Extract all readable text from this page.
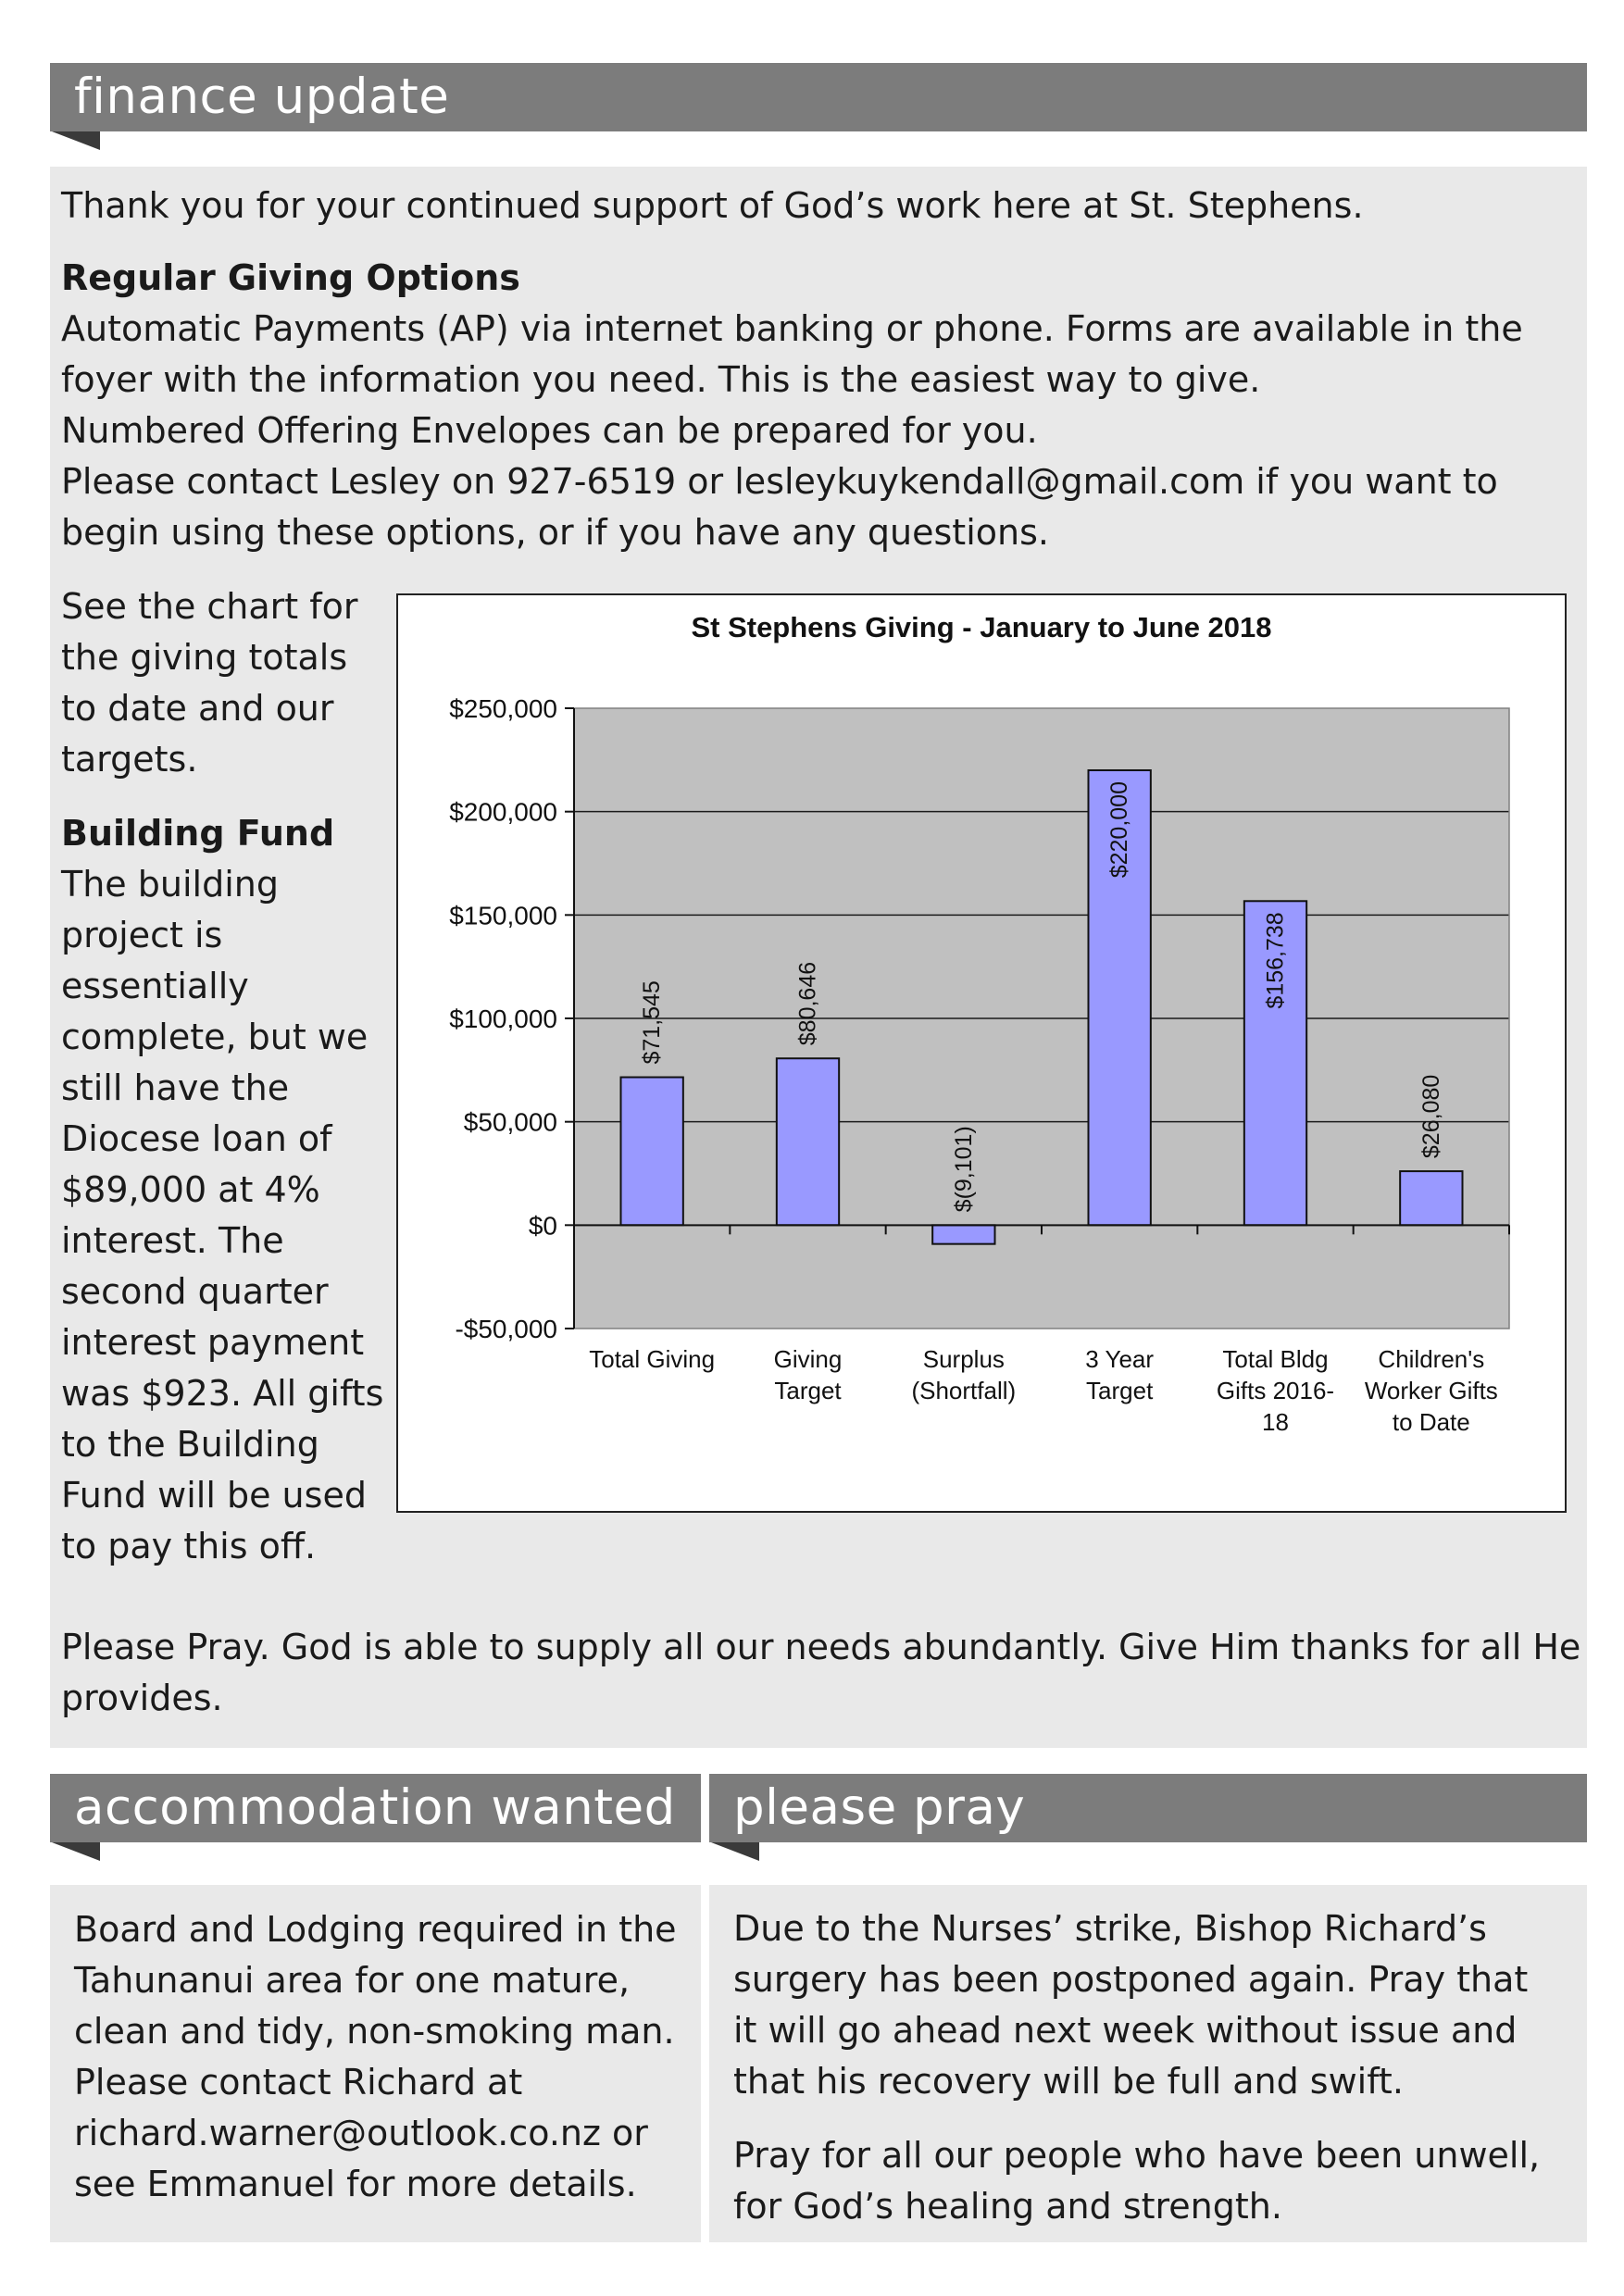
finance update

Thank you for your continued support of God’s work here at St. Stephens.

Regular Giving Options

Automatic Payments (AP) via internet banking or phone. Forms are available in the
foyer with the information you need. This is the easiest way to give.
Numbered Offering Envelopes can be prepared for you.
Please contact Lesley on 927-6519 or lesleykuykendall@gmail.com if you want to
begin using these options, or if you have any questions.
See the chart for
the giving totals
to date and our
targets.

Building Fund

The building
project is
essentially
complete, but we
still have the
Diocese loan of
$89,000 at 4%
interest. The
second quarter
interest payment
was $923. All gifts
to the Building
Fund will be used
to pay this off.
$250,000
$200,000
$150,000
$100,000
$50,000
$0
-$50,000
Total Giving Giving
Target
Surplus
(Shortfall)
3 Year
Target
Total Bldg
Gifts 2016-
18
Children's
Worker Gifts
to Date
$71,545	$80,646
$(9,101)
$220,000
$156,738
$26,080
St Stephens Giving - January to June 2018
Please Pray. God is able to supply all our needs abundantly. Give Him thanks for all He
provides.
accommodation wanted
Board and Lodging required in the
Tahunanui area for one mature,
clean and tidy, non-smoking man.
Please contact Richard at
richard.warner@outlook.co.nz or
see Emmanuel for more details.
please pray
Due to the Nurses’ strike, Bishop Richard’s
surgery has been postponed again. Pray that
it will go ahead next week without issue and
that his recovery will be full and swift.
Pray for all our people who have been unwell,
for God’s healing and strength.
